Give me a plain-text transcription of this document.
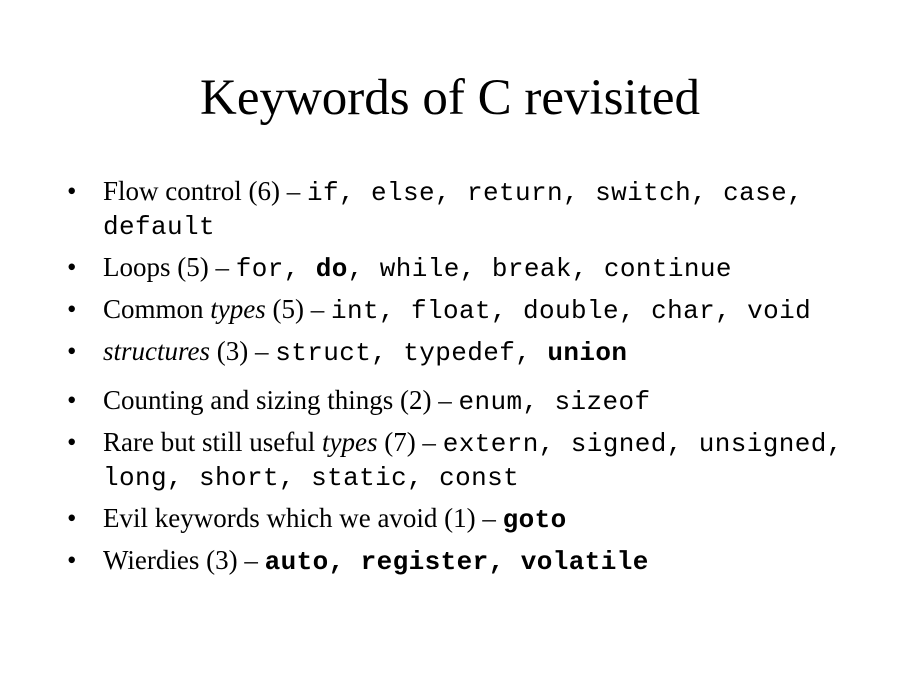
Keywords of C revisited
• Flow control (6) – if, else, return, switch, case, default
• Loops (5) – for, do, while, break, continue
• Common types (5) – int, float, double, char, void
• structures (3) – struct, typedef, union
• Counting and sizing things (2) – enum, sizeof
• Rare but still useful types (7) – extern, signed, unsigned, long, short, static, const
• Evil keywords which we avoid (1) – goto
• Wierdies (3) – auto, register, volatile
